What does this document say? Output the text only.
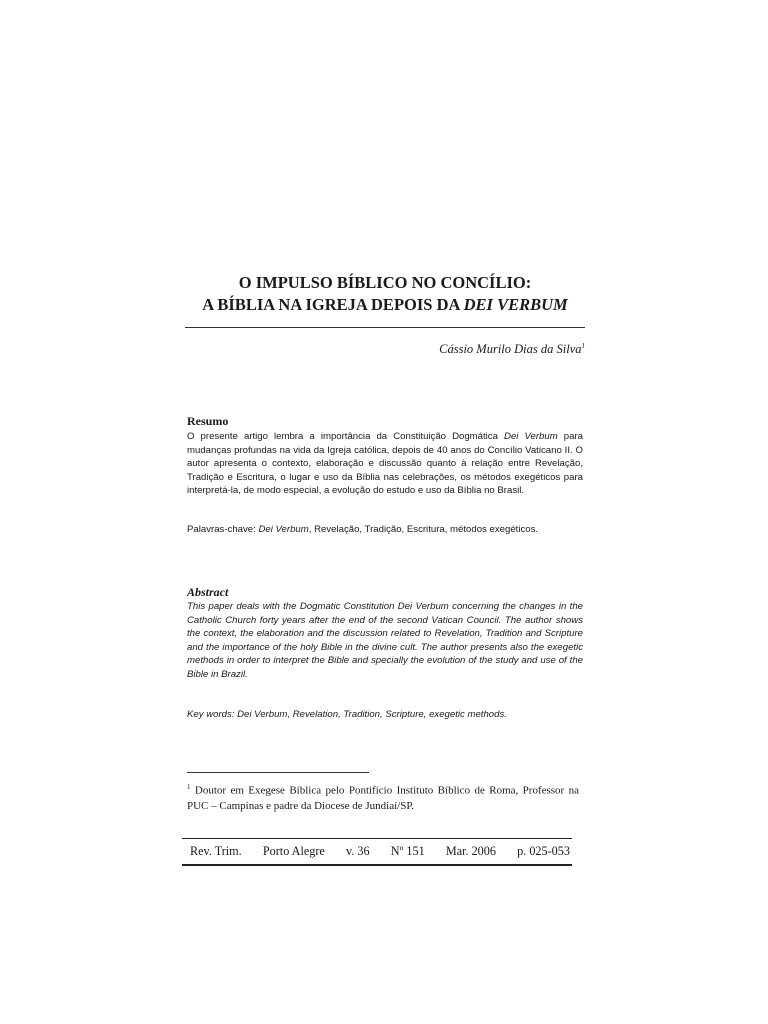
O IMPULSO BÍBLICO NO CONCÍLIO:
A BÍBLIA NA IGREJA DEPOIS DA DEI VERBUM
Cássio Murilo Dias da Silva$^1$
Resumo
O presente artigo lembra a importância da Constituição Dogmática Dei Verbum para mudanças profundas na vida da Igreja católica, depois de 40 anos do Concílio Vaticano II. O autor apresenta o contexto, elaboração e discussão quanto à relação entre Revelação, Tradição e Escritura, o lugar e uso da Bíblia nas celebrações, os métodos exegéticos para interpretá-la, de modo especial, a evolução do estudo e uso da Bíblia no Brasil.
Palavras-chave: Dei Verbum, Revelação, Tradição, Escritura, métodos exegéticos.
Abstract
This paper deals with the Dogmatic Constitution Dei Verbum concerning the changes in the Catholic Church forty years after the end of the second Vatican Council. The author shows the context, the elaboration and the discussion related to Revelation, Tradition and Scripture and the importance of the holy Bible in the divine cult. The author presents also the exegetic methods in order to interpret the Bible and specially the evolution of the study and use of the Bible in Brazil.
Key words: Dei Verbum, Revelation, Tradition, Scripture, exegetic methods.
$^1$ Doutor em Exegese Bíblica pelo Pontifício Instituto Bíblico de Roma, Professor na PUC – Campinas e padre da Diocese de Jundiaí/SP.
Rev. Trim. Porto Alegre v. 36 Nº 151 Mar. 2006 p. 025-053
